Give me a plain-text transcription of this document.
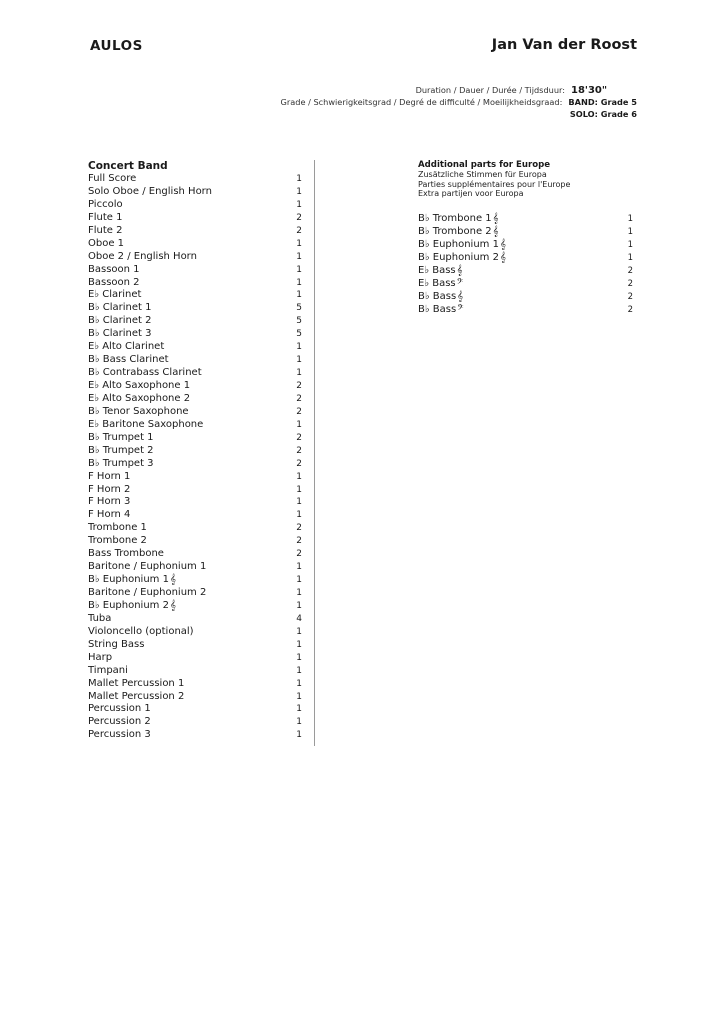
AULOS	Jan Van der Roost
Duration / Dauer / Durée / Tijdsduur: 18'30"
Grade / Schwierigkeitsgrad / Degré de difficulté / Moeilijkheidsgraad: BAND: Grade 5
SOLO: Grade 6
Concert Band
Full Score	1
Solo Oboe / English Horn	1
Piccolo	1
Flute 1	2
Flute 2	2
Oboe 1	1
Oboe 2 / English Horn	1
Bassoon 1	1
Bassoon 2	1
E♭ Clarinet	1
B♭ Clarinet 1	5
B♭ Clarinet 2	5
B♭ Clarinet 3	5
E♭ Alto Clarinet	1
B♭ Bass Clarinet	1
B♭ Contrabass Clarinet	1
E♭ Alto Saxophone 1	2
E♭ Alto Saxophone 2	2
B♭ Tenor Saxophone	2
E♭ Baritone Saxophone	1
B♭ Trumpet 1	2
B♭ Trumpet 2	2
B♭ Trumpet 3	2
F Horn 1	1
F Horn 2	1
F Horn 3	1
F Horn 4	1
Trombone 1	2
Trombone 2	2
Bass Trombone	2
Baritone / Euphonium 1	1
B♭ Euphonium 1𝄞	1
Baritone / Euphonium 2	1
B♭ Euphonium 2𝄞	1
Tuba	4
Violoncello (optional)	1
String Bass	1
Harp	1
Timpani	1
Mallet Percussion 1	1
Mallet Percussion 2	1
Percussion 1	1
Percussion 2	1
Percussion 3	1
Additional parts for Europe
Zusätzliche Stimmen für Europa
Parties supplémentaires pour l'Europe
Extra partijen voor Europa
B♭ Trombone 1𝄞	1
B♭ Trombone 2𝄞	1
B♭ Euphonium 1𝄞	1
B♭ Euphonium 2𝄞	1
E♭ Bass𝄞	2
E♭ Bass𝄢	2
B♭ Bass𝄞	2
B♭ Bass𝄢	2
